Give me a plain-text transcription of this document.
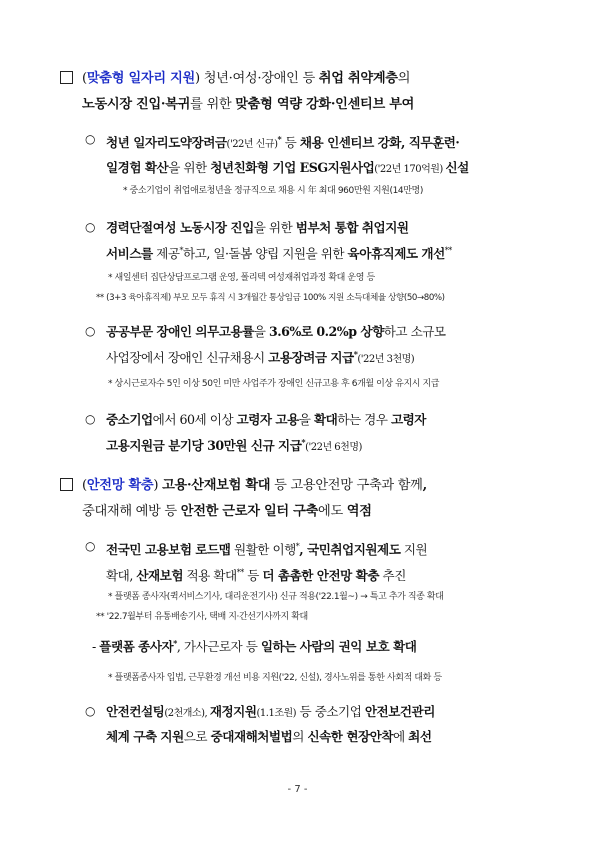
(맞춤형 일자리 지원) 청년·여성·장애인 등 취업 취약계층의
노동시장 진입·복귀를 위한 맞춤형 역량 강화·인센티브 부여
○ 청년 일자리도약장려금('22년 신규)* 등 채용 인센티브 강화, 직무훈련·
일경험 확산을 위한 청년친화형 기업 ESG지원사업('22년 170억원) 신설
* 중소기업이 취업애로청년을 정규직으로 채용 시 年 최대 960만원 지원(14만명)
○ 경력단절여성 노동시장 진입을 위한 범부처 통합 취업지원
서비스를 제공*하고, 일·돌봄 양립 지원을 위한 육아휴직제도 개선**
* 새일센터 집단상담프로그램 운영, 폴리텍 여성재취업과정 확대 운영 등
** (3+3 육아휴직제) 부모 모두 휴직 시 3개월간 통상임금 100% 지원 소득대체율 상향(50→80%)
○ 공공부문 장애인 의무고용률을 3.6%로 0.2%p 상향하고 소규모
사업장에서 장애인 신규채용시 고용장려금 지급*('22년 3천명)
* 상시근로자수 5인 이상 50인 미만 사업주가 장애인 신규고용 후 6개월 이상 유지시 지급
○ 중소기업에서 60세 이상 고령자 고용을 확대하는 경우 고령자
고용지원금 분기당 30만원 신규 지급*('22년 6천명)
(안전망 확충) 고용·산재보험 확대 등 고용안전망 구축과 함께,
중대재해 예방 등 안전한 근로자 일터 구축에도 역점
○ 전국민 고용보험 로드맵 원활한 이행*, 국민취업지원제도 지원
확대, 산재보험 적용 확대** 등 더 촘촘한 안전망 확충 추진
* 플랫폼 종사자(퀵서비스기사, 대리운전기사) 신규 적용('22.1월~) → 특고 추가 직종 확대
** '22.7월부터 유통배송기사, 택배 지·간선기사까지 확대
- 플랫폼 종사자*, 가사근로자 등 일하는 사람의 권익 보호 확대
* 플랫폼종사자 입법, 근무환경 개선 비용 지원('22, 신설), 경사노위를 통한 사회적 대화 등
○ 안전컨설팅(2천개소), 재정지원(1.1조원) 등 중소기업 안전보건관리
체계 구축 지원으로 중대재해처벌법의 신속한 현장안착에 최선
- 7 -
